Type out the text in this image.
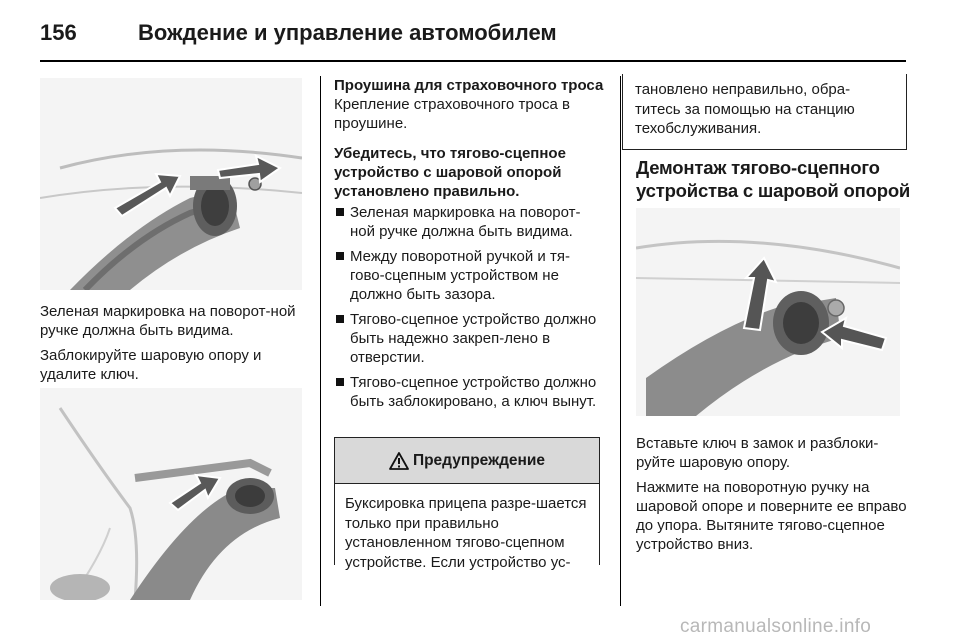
156	Вождение и управление автомобилем

Зеленая маркировка на поворот-ной ручке должна быть видима.

Заблокируйте шаровую опору и удалите ключ.

Проушина для страховочного троса

Крепление страховочного троса в проушине.

Убедитесь, что тягово-сцепное устройство с шаровой опорой установлено правильно.
Зеленая маркировка на поворот-ной ручке должна быть видима.
Между поворотной ручкой и тя-гово-сцепным устройством не должно быть зазора.
Тягово-сцепное устройство должно быть надежно закреп-лено в отверстии.
Тягово-сцепное устройство должно быть заблокировано, а ключ вынут.
Предупреждение
Буксировка прицепа разре-шается только при правильно установленном тягово-сцепном устройстве. Если устройство ус-
тановлено неправильно, обра-титесь за помощью на станцию техобслуживания.
Демонтаж тягово-сцепного устройства с шаровой опорой

Вставьте ключ в замок и разблоки-руйте шаровую опору.

Нажмите на поворотную ручку на шаровой опоре и поверните ее вправо до упора. Вытяните тягово-сцепное устройство вниз.

carmanualsonline.info
